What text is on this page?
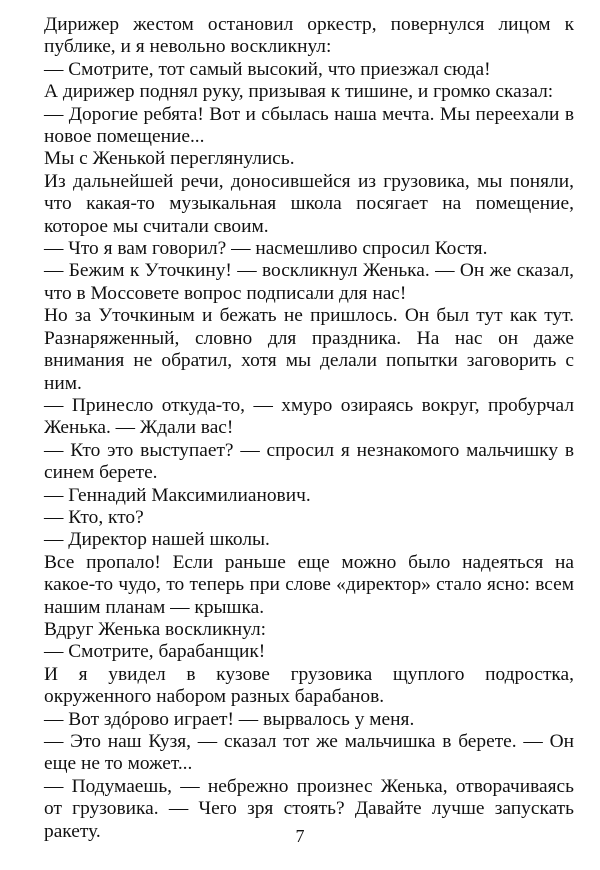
Дирижер жестом остановил оркестр, повернулся лицом к публике, и я невольно воскликнул:

— Смотрите, тот самый высокий, что приезжал сюда!

А дирижер поднял руку, призывая к тишине, и громко сказал:

— Дорогие ребята! Вот и сбылась наша мечта. Мы переехали в новое помещение...

Мы с Женькой переглянулись.

Из дальнейшей речи, доносившейся из грузовика, мы поняли, что какая-то музыкальная школа посягает на помещение, которое мы считали своим.

— Что я вам говорил? — насмешливо спросил Костя.

— Бежим к Уточкину! — воскликнул Женька. — Он же сказал, что в Моссовете вопрос подписали для нас!

Но за Уточкиным и бежать не пришлось. Он был тут как тут. Разнаряженный, словно для праздника. На нас он даже внимания не обратил, хотя мы делали попытки заговорить с ним.

— Принесло откуда-то, — хмуро озираясь вокруг, пробурчал Женька. — Ждали вас!

— Кто это выступает? — спросил я незнакомого мальчишку в синем берете.

— Геннадий Максимилианович.

— Кто, кто?

— Директор нашей школы.

Все пропало! Если раньше еще можно было надеяться на какое-то чудо, то теперь при слове «директор» стало ясно: всем нашим планам — крышка.

Вдруг Женька воскликнул:

— Смотрите, барабанщик!

И я увидел в кузове грузовика щуплого подростка, окруженного набором разных барабанов.

— Вот здóрово играет! — вырвалось у меня.

— Это наш Кузя, — сказал тот же мальчишка в берете. — Он еще не то может...

— Подумаешь, — небрежно произнес Женька, отворачиваясь от грузовика. — Чего зря стоять? Давайте лучше запускать ракету.	7
